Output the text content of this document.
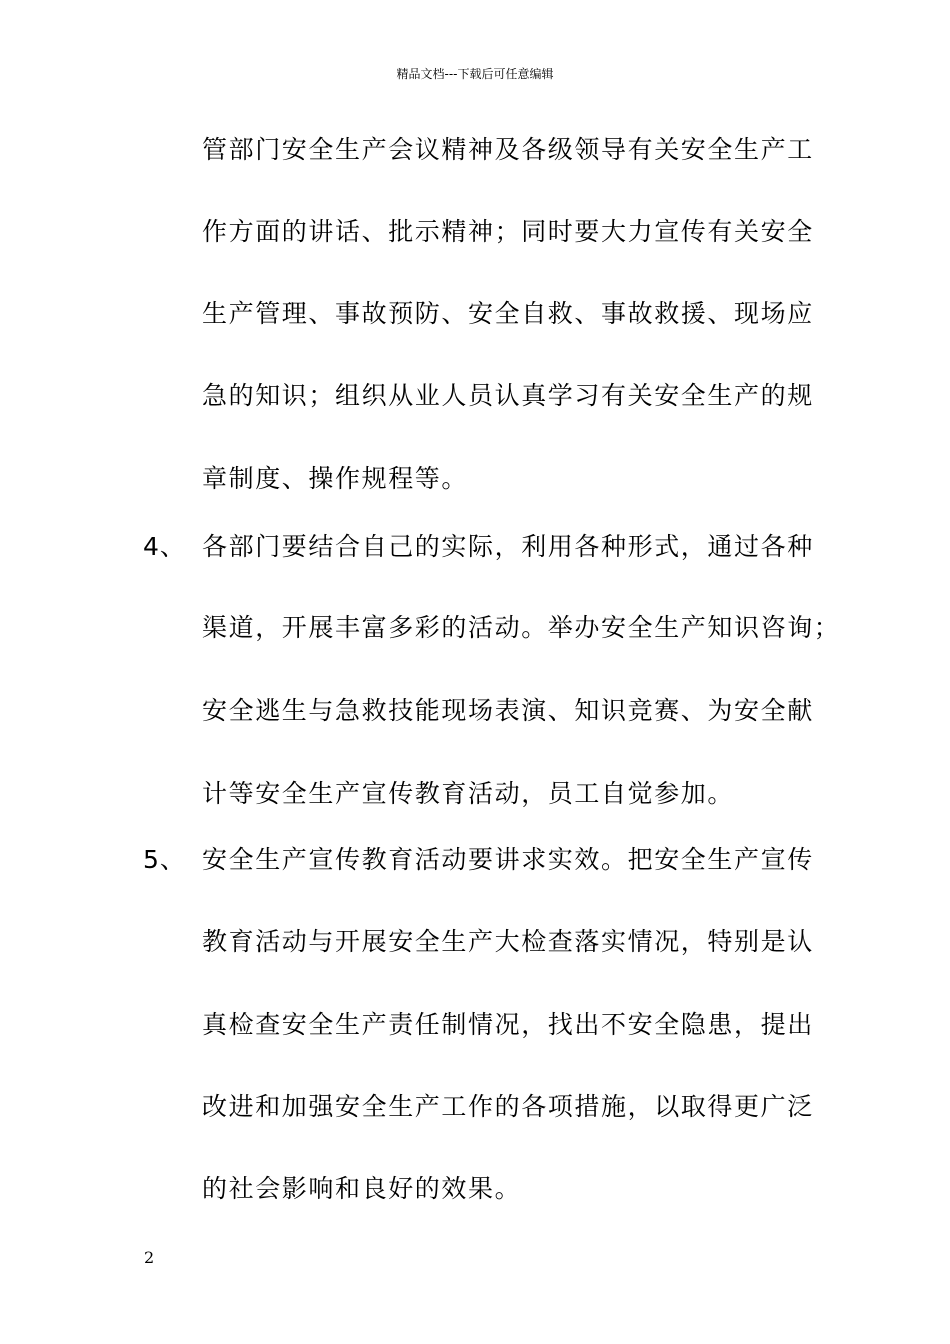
精品文档---下载后可任意编辑
管部门安全生产会议精神及各级领导有关安全生产工
作方面的讲话、批示精神；同时要大力宣传有关安全
生产管理、事故预防、安全自救、事故救援、现场应
急的知识；组织从业人员认真学习有关安全生产的规
章制度、操作规程等。
4、 各部门要结合自己的实际，利用各种形式，通过各种
渠道，开展丰富多彩的活动。举办安全生产知识咨询；
安全逃生与急救技能现场表演、知识竞赛、为安全献
计等安全生产宣传教育活动，员工自觉参加。
5、 安全生产宣传教育活动要讲求实效。把安全生产宣传
教育活动与开展安全生产大检查落实情况，特别是认
真检查安全生产责任制情况，找出不安全隐患，提出
改进和加强安全生产工作的各项措施，以取得更广泛
的社会影响和良好的效果。
2
